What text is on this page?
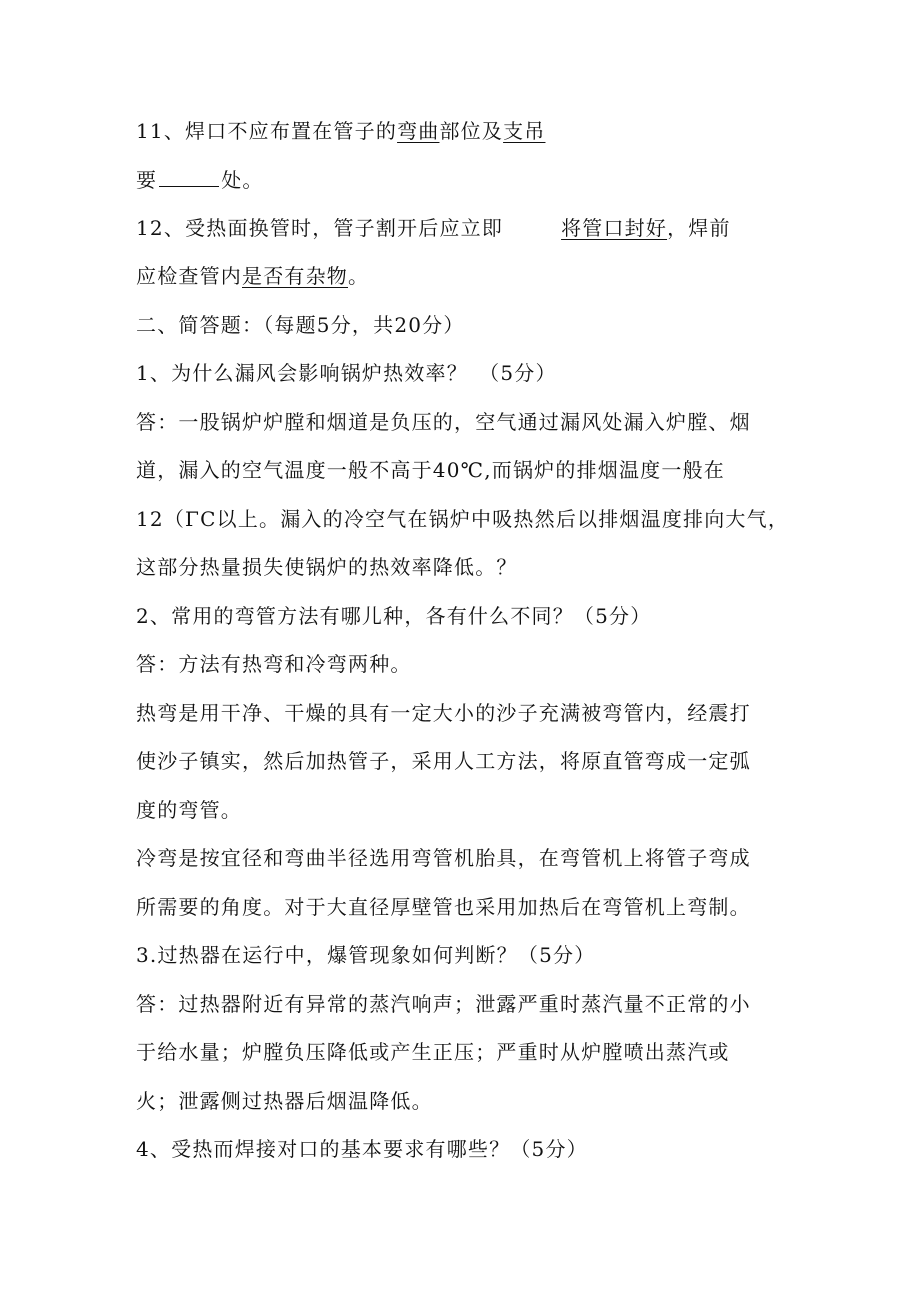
11、焊口不应布置在管子的弯曲部位及支吊
要	处。
12、受热面换管时，管子割开后应立即	将管口封好，焊前
应检查管内是否有杂物。
二、简答题：（每题5分，共20分）
1、为什么漏风会影响锅炉热效率？　（5分）
答：一股锅炉炉膛和烟道是负压的，空气通过漏风处漏入炉膛、烟
道，漏入的空气温度一般不高于40℃,而锅炉的排烟温度一般在
12（ΓC以上。漏入的冷空气在锅炉中吸热然后以排烟温度排向大气，
这部分热量损失使锅炉的热效率降低。？
2、常用的弯管方法有哪儿种，各有什么不同？（5分）
答：方法有热弯和冷弯两种。
热弯是用干净、干燥的具有一定大小的沙子充满被弯管内，经震打
使沙子镇实，然后加热管子，采用人工方法，将原直管弯成一定弧
度的弯管。
冷弯是按宜径和弯曲半径选用弯管机胎具，在弯管机上将管子弯成
所需要的角度。对于大直径厚壁管也采用加热后在弯管机上弯制。
3.过热器在运行中，爆管现象如何判断？（5分）
答：过热器附近有异常的蒸汽响声；泄露严重时蒸汽量不正常的小
于给水量；炉膛负压降低或产生正压；严重时从炉膛喷出蒸汽或
火；泄露侧过热器后烟温降低。
4、受热而焊接对口的基本要求有哪些？（5分）
